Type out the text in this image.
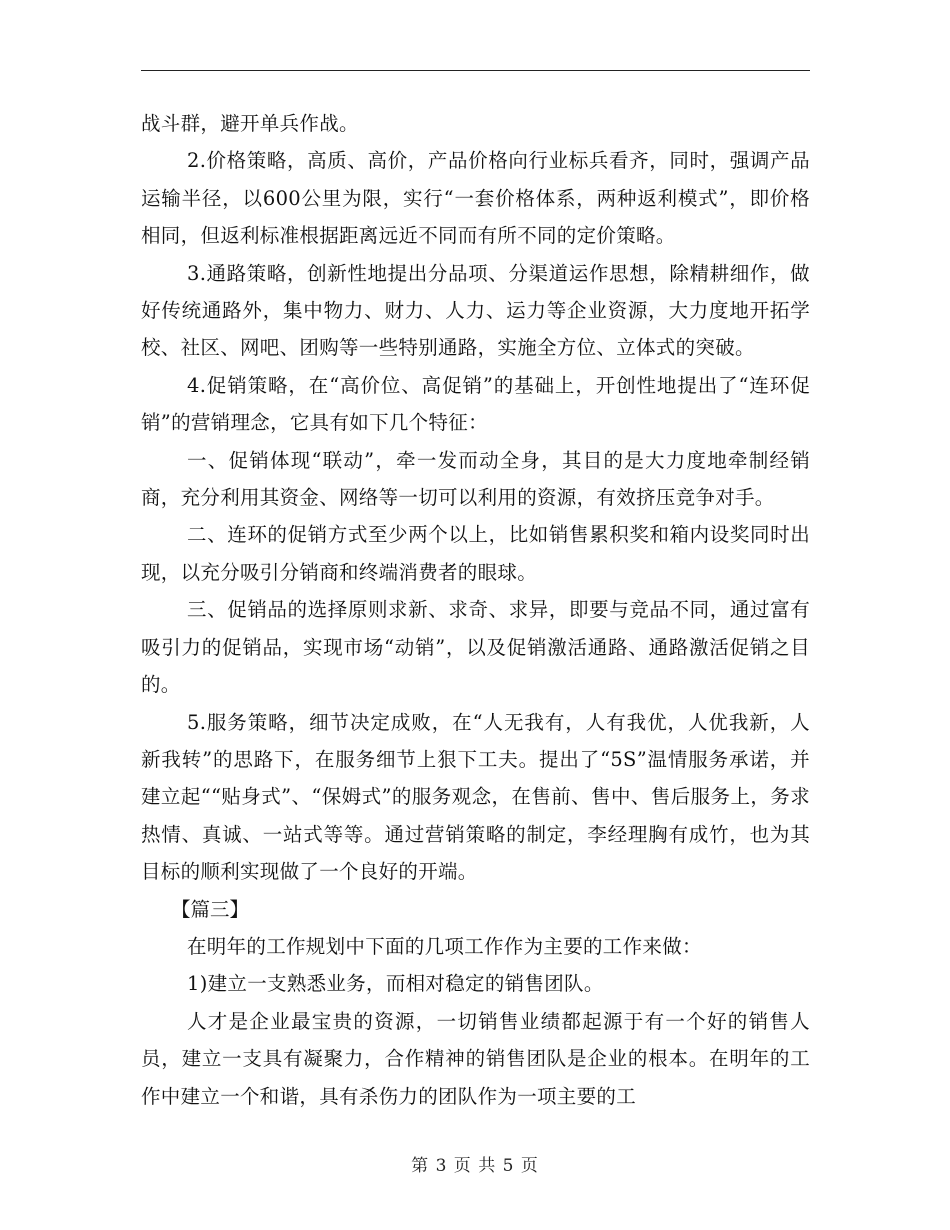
战斗群，避开单兵作战。

2.价格策略，高质、高价，产品价格向行业标兵看齐，同时，强调产品运输半径，以600公里为限，实行“一套价格体系，两种返利模式”，即价格相同，但返利标准根据距离远近不同而有所不同的定价策略。

3.通路策略，创新性地提出分品项、分渠道运作思想，除精耕细作，做好传统通路外，集中物力、财力、人力、运力等企业资源，大力度地开拓学校、社区、网吧、团购等一些特别通路，实施全方位、立体式的突破。

4.促销策略，在“高价位、高促销”的基础上，开创性地提出了“连环促销”的营销理念，它具有如下几个特征：

一、促销体现“联动”，牵一发而动全身，其目的是大力度地牵制经销商，充分利用其资金、网络等一切可以利用的资源，有效挤压竞争对手。

二、连环的促销方式至少两个以上，比如销售累积奖和箱内设奖同时出现，以充分吸引分销商和终端消费者的眼球。

三、促销品的选择原则求新、求奇、求异，即要与竞品不同，通过富有吸引力的促销品，实现市场“动销”，以及促销激活通路、通路激活促销之目的。

5.服务策略，细节决定成败，在“人无我有，人有我优，人优我新，人新我转”的思路下，在服务细节上狠下工夫。提出了“5S”温情服务承诺，并建立起““贴身式”、“保姆式”的服务观念，在售前、售中、售后服务上，务求热情、真诚、一站式等等。通过营销策略的制定，李经理胸有成竹，也为其目标的顺利实现做了一个良好的开端。

【篇三】

在明年的工作规划中下面的几项工作作为主要的工作来做：

1)建立一支熟悉业务，而相对稳定的销售团队。

人才是企业最宝贵的资源，一切销售业绩都起源于有一个好的销售人员，建立一支具有凝聚力，合作精神的销售团队是企业的根本。在明年的工作中建立一个和谐，具有杀伤力的团队作为一项主要的工

第 3 页 共 5 页
